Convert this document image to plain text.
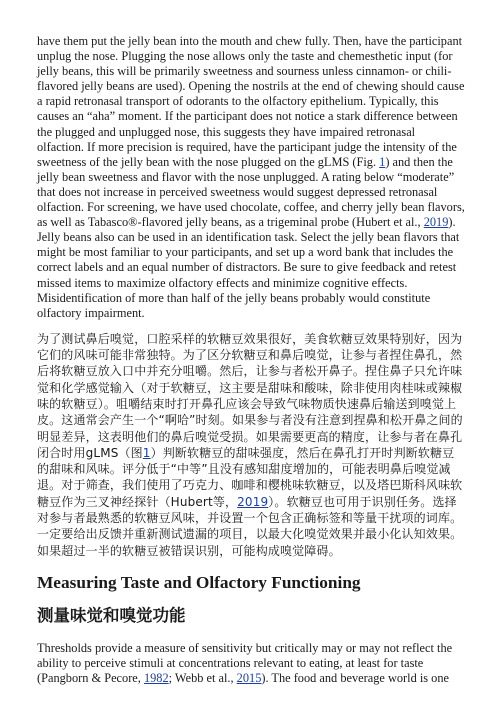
have them put the jelly bean into the mouth and chew fully. Then, have the participant unplug the nose. Plugging the nose allows only the taste and chemesthetic input (for jelly beans, this will be primarily sweetness and sourness unless cinnamon- or chili-flavored jelly beans are used). Opening the nostrils at the end of chewing should cause a rapid retronasal transport of odorants to the olfactory epithelium. Typically, this causes an “aha” moment. If the participant does not notice a stark difference between the plugged and unplugged nose, this suggests they have impaired retronasal olfaction. If more precision is required, have the participant judge the intensity of the sweetness of the jelly bean with the nose plugged on the gLMS (Fig. 1) and then the jelly bean sweetness and flavor with the nose unplugged. A rating below “moderate” that does not increase in perceived sweetness would suggest depressed retronasal olfaction. For screening, we have used chocolate, coffee, and cherry jelly bean flavors, as well as Tabasco®-flavored jelly beans, as a trigeminal probe (Hubert et al., 2019). Jelly beans also can be used in an identification task. Select the jelly bean flavors that might be most familiar to your participants, and set up a word bank that includes the correct labels and an equal number of distractors. Be sure to give feedback and retest missed items to maximize olfactory effects and minimize cognitive effects. Misidentification of more than half of the jelly beans probably would constitute olfactory impairment.

为了测试鼻后嗅觉，口腔采样的软糖豆效果很好，美食软糖豆效果特别好，因为它们的风味可能非常独特。为了区分软糖豆和鼻后嗅觉，让参与者捏住鼻孔，然后将软糖豆放入口中并充分咀嚼。然后，让参与者松开鼻子。捏住鼻子只允许味觉和化学感觉输入（对于软糖豆，这主要是甜味和酸味，除非使用肉桂味或辣椒味的软糖豆）。咀嚼结束时打开鼻孔应该会导致气味物质快速鼻后输送到嗅觉上皮。这通常会产生一个“啊哈”时刻。如果参与者没有注意到捏鼻和松开鼻之间的明显差异，这表明他们的鼻后嗅觉受损。如果需要更高的精度，让参与者在鼻孔闭合时用gLMS（图1）判断软糖豆的甜味强度，然后在鼻孔打开时判断软糖豆的甜味和风味。评分低于“中等”且没有感知甜度增加的，可能表明鼻后嗅觉减退。对于筛查，我们使用了巧克力、咖啡和樱桃味软糖豆，以及塔巴斯科风味软糖豆作为三叉神经探针（Hubert等，2019）。软糖豆也可用于识别任务。选择对参与者最熟悉的软糖豆风味，并设置一个包含正确标签和等量干扰项的词库。一定要给出反馈并重新测试遗漏的项目，以最大化嗅觉效果并最小化认知效果。如果超过一半的软糖豆被错误识别，可能构成嗅觉障碍。

Measuring Taste and Olfactory Functioning
测量味觉和嗅觉功能

Thresholds provide a measure of sensitivity but critically may or may not reflect the ability to perceive stimuli at concentrations relevant to eating, at least for taste (Pangborn & Pecore, 1982; Webb et al., 2015). The food and beverage world is one
